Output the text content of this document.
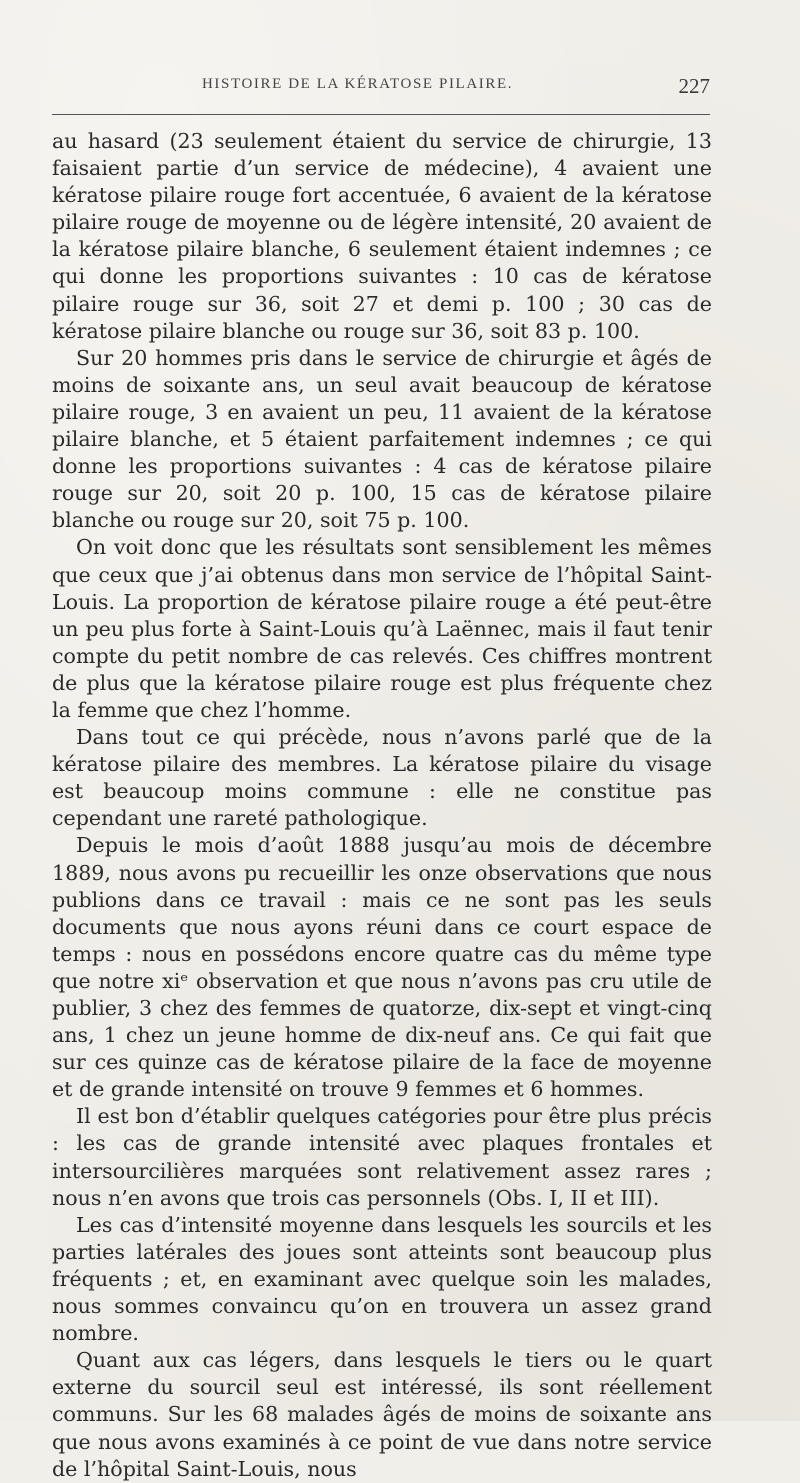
HISTOIRE DE LA KÉRATOSE PILAIRE.	227

au hasard (23 seulement étaient du service de chirurgie, 13 faisaient partie d’un service de médecine), 4 avaient une kératose pilaire rouge fort accentuée, 6 avaient de la kératose pilaire rouge de moyenne ou de légère intensité, 20 avaient de la kératose pilaire blanche, 6 seulement étaient indemnes ; ce qui donne les proportions suivantes : 10 cas de kératose pilaire rouge sur 36, soit 27 et demi p. 100 ; 30 cas de kératose pilaire blanche ou rouge sur 36, soit 83 p. 100.

Sur 20 hommes pris dans le service de chirurgie et âgés de moins de soixante ans, un seul avait beaucoup de kératose pilaire rouge, 3 en avaient un peu, 11 avaient de la kératose pilaire blanche, et 5 étaient parfaitement indemnes ; ce qui donne les proportions suivantes : 4 cas de kératose pilaire rouge sur 20, soit 20 p. 100, 15 cas de kératose pilaire blanche ou rouge sur 20, soit 75 p. 100.

On voit donc que les résultats sont sensiblement les mêmes que ceux que j’ai obtenus dans mon service de l’hôpital Saint-Louis. La proportion de kératose pilaire rouge a été peut-être un peu plus forte à Saint-Louis qu’à Laënnec, mais il faut tenir compte du petit nombre de cas relevés. Ces chiffres montrent de plus que la kératose pilaire rouge est plus fréquente chez la femme que chez l’homme.

Dans tout ce qui précède, nous n’avons parlé que de la kératose pilaire des membres. La kératose pilaire du visage est beaucoup moins commune : elle ne constitue pas cependant une rareté pathologique.

Depuis le mois d’août 1888 jusqu’au mois de décembre 1889, nous avons pu recueillir les onze observations que nous publions dans ce travail : mais ce ne sont pas les seuls documents que nous ayons réuni dans ce court espace de temps : nous en possédons encore quatre cas du même type que notre xiᵉ observation et que nous n’avons pas cru utile de publier, 3 chez des femmes de quatorze, dix-sept et vingt-cinq ans, 1 chez un jeune homme de dix-neuf ans. Ce qui fait que sur ces quinze cas de kératose pilaire de la face de moyenne et de grande intensité on trouve 9 femmes et 6 hommes.

Il est bon d’établir quelques catégories pour être plus précis : les cas de grande intensité avec plaques frontales et intersourcilières marquées sont relativement assez rares ; nous n’en avons que trois cas personnels (Obs. I, II et III).

Les cas d’intensité moyenne dans lesquels les sourcils et les parties latérales des joues sont atteints sont beaucoup plus fréquents ; et, en examinant avec quelque soin les malades, nous sommes convaincu qu’on en trouvera un assez grand nombre.

Quant aux cas légers, dans lesquels le tiers ou le quart externe du sourcil seul est intéressé, ils sont réellement communs. Sur les 68 malades âgés de moins de soixante ans que nous avons examinés à ce point de vue dans notre service de l’hôpital Saint-Louis, nous
